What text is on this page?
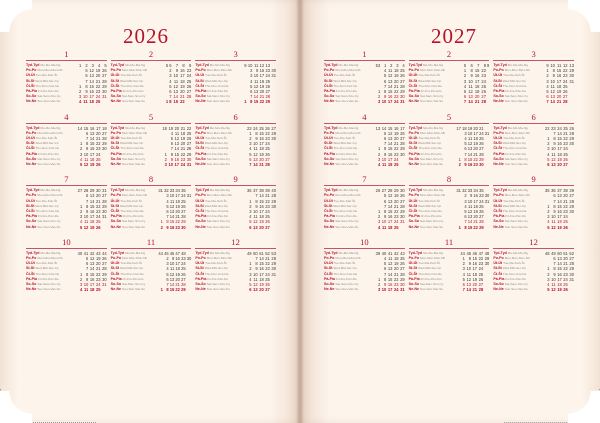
2026
1
Tyd-Tyd Mo-Mo-Ma-Ng	1	2	3	4	5
Po-Po Mon-Mon-Mon-Nb		5	12	19	26
Út-Út Tue-Die-Keh-Št		6	13	20	27
St-St Wed-Mitt-Ser-Cp		7	14	21	28
Čt-Št Thu-Don-Csü-Ne	1	8	15	22	29
Pá-Pia Fri-Fre-Pén-Do	2	9	16	23	30
So-So Sat-Sam-Szo-Cy	3	10	17	24	31
Ne-Ne Sun-Son-Vas-Su	4	11	18	25	
2
Tyd-Tyd Mo-Mo-Ma-Ng	5	6	7	8	9
Po-Po Mon-Mon-Mon-Nb		2	9	16	23
Út-Út Tue-Die-Keh-Št		3	10	17	24
St-St Wed-Mitt-Ser-Cp		4	11	18	25
Čt-Št Thu-Don-Csü-Ne		5	12	19	26
Pá-Pia Fri-Fre-Pén-Do		6	13	20	27
So-So Sat-Sam-Szo-Cy		7	14	21	28
Ne-Ne Sun-Son-Vas-Su	1	8	15	22	
3
Tyd-Tyd Mo-Mo-Ma-Ng	9	10	11	12	13	
Po-Po Mon-Mon-Mon-Nb		2	9	16	23	30
Út-Út Tue-Die-Keh-Št		3	10	17	24	31
St-St Wed-Mitt-Ser-Cp		4	11	18	25	
Čt-Št Thu-Don-Csü-Ne		5	12	19	26	
Pá-Pia Fri-Fre-Pén-Do		6	13	20	27	
So-So Sat-Sam-Szo-Cy		7	14	21	28	
Ne-Ne Sun-Son-Vas-Su	1	8	15	22	29	
4
Tyd-Tyd Mo-Mo-Ma-Ng	14	15	16	17	18
Po-Po Mon-Mon-Mon-Nb		6	13	20	27
Út-Út Tue-Die-Keh-Št		7	14	21	28
St-St Wed-Mitt-Ser-Cp	1	8	15	22	29
Čt-Št Thu-Don-Csü-Ne	2	9	16	23	30
Pá-Pia Fri-Fre-Pén-Do	3	10	17	24	
So-So Sat-Sam-Szo-Cy	4	11	18	25	
Ne-Ne Sun-Son-Vas-Su	5	12	19	26	
5
Tyd-Tyd Mo-Mo-Ma-Ng	18	19	20	21	22
Po-Po Mon-Mon-Mon-Nb		4	11	18	25
Út-Út Tue-Die-Keh-Št		5	12	19	26
St-St Wed-Mitt-Ser-Cp		6	13	20	27
Čt-Št Thu-Don-Csü-Ne		7	14	21	28
Pá-Pia Fri-Fre-Pén-Do	1	8	15	22	29
So-So Sat-Sam-Szo-Cy	2	9	16	23	30
Ne-Ne Sun-Son-Vas-Su	3	10	17	24	31
6
Tyd-Tyd Mo-Mo-Ma-Ng	23	24	25	26	27
Po-Po Mon-Mon-Mon-Nb	1	8	15	22	29
Út-Út Tue-Die-Keh-Št	2	9	16	23	30
St-St Wed-Mitt-Ser-Cp	3	10	17	24	
Čt-Št Thu-Don-Csü-Ne	4	11	18	25	
Pá-Pia Fri-Fre-Pén-Do	5	12	19	26	
So-So Sat-Sam-Szo-Cy	6	13	20	27	
Ne-Ne Sun-Son-Vas-Su	7	14	21	28	
7
Tyd-Tyd Mo-Mo-Ma-Ng	27	28	29	30	31
Po-Po Mon-Mon-Mon-Nb		6	13	20	27
Út-Út Tue-Die-Keh-Št		7	14	21	28
St-St Wed-Mitt-Ser-Cp	1	8	15	22	29
Čt-Št Thu-Don-Csü-Ne	2	9	16	23	30
Pá-Pia Fri-Fre-Pén-Do	3	10	17	24	31
So-So Sat-Sam-Szo-Cy	4	11	18	25	
Ne-Ne Sun-Son-Vas-Su	5	12	19	26	
8
Tyd-Tyd Mo-Mo-Ma-Ng	31	32	33	34	35	
Po-Po Mon-Mon-Mon-Nb		3	10	17	24	31
Út-Út Tue-Die-Keh-Št		4	11	18	25	
St-St Wed-Mitt-Ser-Cp		5	12	19	26	
Čt-Št Thu-Don-Csü-Ne		6	13	20	27	
Pá-Pia Fri-Fre-Pén-Do		7	14	21	28	
So-So Sat-Sam-Szo-Cy	1	8	15	22	29	
Ne-Ne Sun-Son-Vas-Su	2	9	16	23	30	
9
Tyd-Tyd Mo-Mo-Ma-Ng	36	37	38	39	40
Po-Po Mon-Mon-Mon-Nb		7	14	21	28
Út-Út Tue-Die-Keh-Št	1	8	15	22	29
St-St Wed-Mitt-Ser-Cp	2	9	16	23	30
Čt-Št Thu-Don-Csü-Ne	3	10	17	24	
Pá-Pia Fri-Fre-Pén-Do	4	11	18	25	
So-So Sat-Sam-Szo-Cy	5	12	19	26	
Ne-Ne Sun-Son-Vas-Su	6	13	20	27	
10
Tyd-Tyd Mo-Mo-Ma-Ng	40	41	42	43	44
Po-Po Mon-Mon-Mon-Nb		5	12	19	26
Út-Út Tue-Die-Keh-Št		6	13	20	27
St-St Wed-Mitt-Ser-Cp		7	14	21	28
Čt-Št Thu-Don-Csü-Ne	1	8	15	22	29
Pá-Pia Fri-Fre-Pén-Do	2	9	16	23	30
So-So Sat-Sam-Szo-Cy	3	10	17	24	31
Ne-Ne Sun-Son-Vas-Su	4	11	18	25	
11
Tyd-Tyd Mo-Mo-Ma-Ng	44	45	46	47	48	
Po-Po Mon-Mon-Mon-Nb		2	9	16	23	30
Út-Út Tue-Die-Keh-Št		3	10	17	24	
St-St Wed-Mitt-Ser-Cp		4	11	18	25	
Čt-Št Thu-Don-Csü-Ne		5	12	19	26	
Pá-Pia Fri-Fre-Pén-Do		6	13	20	27	
So-So Sat-Sam-Szo-Cy		7	14	21	28	
Ne-Ne Sun-Son-Vas-Su	1	8	15	22	29	
12
Tyd-Tyd Mo-Mo-Ma-Ng	49	50	51	52	53
Po-Po Mon-Mon-Mon-Nb		7	14	21	28
Út-Út Tue-Die-Keh-Št	1	8	15	22	29
St-St Wed-Mitt-Ser-Cp	2	9	16	23	30
Čt-Št Thu-Don-Csü-Ne	3	10	17	24	31
Pá-Pia Fri-Fre-Pén-Do	4	11	18	25	
So-So Sat-Sam-Szo-Cy	5	12	19	26	
Ne-Ne Sun-Son-Vas-Su	6	13	20	27	
2027
1
Tyd-Tyd Mo-Mo-Ma-Ng	53	1	2	3	4
Po-Po Mon-Mon-Mon-Nb		4	11	18	25
Út-Út Tue-Die-Keh-Št		5	12	19	26
St-St Wed-Mitt-Ser-Cp		6	13	20	27
Čt-Št Thu-Don-Csü-Ne		7	14	21	28
Pá-Pia Fri-Fre-Pén-Do	1	8	15	22	29
So-So Sat-Sam-Szo-Cy	2	9	16	23	30
Ne-Ne Sun-Son-Vas-Su	3	10	17	24	31
2
Tyd-Tyd Mo-Mo-Ma-Ng	5	6	7	8	9
Po-Po Mon-Mon-Mon-Nb	1	8	15	22	
Út-Út Tue-Die-Keh-Št	2	9	16	23	
St-St Wed-Mitt-Ser-Cp	3	10	17	24	
Čt-Št Thu-Don-Csü-Ne	4	11	18	25	
Pá-Pia Fri-Fre-Pén-Do	5	12	19	26	
So-So Sat-Sam-Szo-Cy	6	13	20	27	
Ne-Ne Sun-Son-Vas-Su	7	14	21	28	
3
Tyd-Tyd Mo-Mo-Ma-Ng	9	10	11	12	13
Po-Po Mon-Mon-Mon-Nb	1	8	15	22	29
Út-Út Tue-Die-Keh-Št	2	9	16	23	30
St-St Wed-Mitt-Ser-Cp	3	10	17	24	31
Čt-Št Thu-Don-Csü-Ne	4	11	18	25	
Pá-Pia Fri-Fre-Pén-Do	5	12	19	26	
So-So Sat-Sam-Szo-Cy	6	13	20	27	
Ne-Ne Sun-Son-Vas-Su	7	14	21	28	
4
Tyd-Tyd Mo-Mo-Ma-Ng	13	14	15	16	17
Po-Po Mon-Mon-Mon-Nb		5	12	19	26
Út-Út Tue-Die-Keh-Št		6	13	20	27
St-St Wed-Mitt-Ser-Cp		7	14	21	28
Čt-Št Thu-Don-Csü-Ne	1	8	15	22	29
Pá-Pia Fri-Fre-Pén-Do	2	9	16	23	30
So-So Sat-Sam-Szo-Cy	3	10	17	24	
Ne-Ne Sun-Son-Vas-Su	4	11	18	25	
5
Tyd-Tyd Mo-Mo-Ma-Ng	17	18	19	20	21	
Po-Po Mon-Mon-Mon-Nb		3	10	17	24	31
Út-Út Tue-Die-Keh-Št		4	11	18	25	
St-St Wed-Mitt-Ser-Cp		5	12	19	26	
Čt-Št Thu-Don-Csü-Ne		6	13	20	27	
Pá-Pia Fri-Fre-Pén-Do		7	14	21	28	
So-So Sat-Sam-Szo-Cy	1	8	15	22	29	
Ne-Ne Sun-Son-Vas-Su	2	9	16	23	30	
6
Tyd-Tyd Mo-Mo-Ma-Ng	22	23	24	25	26
Po-Po Mon-Mon-Mon-Nb		7	14	21	28
Út-Út Tue-Die-Keh-Št	1	8	15	22	29
St-St Wed-Mitt-Ser-Cp	2	9	16	23	30
Čt-Št Thu-Don-Csü-Ne	3	10	17	24	
Pá-Pia Fri-Fre-Pén-Do	4	11	18	25	
So-So Sat-Sam-Szo-Cy	5	12	19	26	
Ne-Ne Sun-Son-Vas-Su	6	13	20	27	
7
Tyd-Tyd Mo-Mo-Ma-Ng	26	27	28	29	30
Po-Po Mon-Mon-Mon-Nb		5	12	19	26
Út-Út Tue-Die-Keh-Št		6	13	20	27
St-St Wed-Mitt-Ser-Cp		7	14	21	28
Čt-Št Thu-Don-Csü-Ne	1	8	15	22	29
Pá-Pia Fri-Fre-Pén-Do	2	9	16	23	30
So-So Sat-Sam-Szo-Cy	3	10	17	24	31
Ne-Ne Sun-Son-Vas-Su	4	11	18	25	
8
Tyd-Tyd Mo-Mo-Ma-Ng	31	32	33	34	35	
Po-Po Mon-Mon-Mon-Nb		2	9	16	23	30
Út-Út Tue-Die-Keh-Št		3	10	17	24	31
St-St Wed-Mitt-Ser-Cp		4	11	18	25	
Čt-Št Thu-Don-Csü-Ne		5	12	19	26	
Pá-Pia Fri-Fre-Pén-Do		6	13	20	27	
So-So Sat-Sam-Szo-Cy		7	14	21	28	
Ne-Ne Sun-Son-Vas-Su	1	8	15	22	29	
9
Tyd-Tyd Mo-Mo-Ma-Ng	35	36	37	38	39
Po-Po Mon-Mon-Mon-Nb		6	13	20	27
Út-Út Tue-Die-Keh-Št		7	14	21	28
St-St Wed-Mitt-Ser-Cp	1	8	15	22	29
Čt-Št Thu-Don-Csü-Ne	2	9	16	23	30
Pá-Pia Fri-Fre-Pén-Do	3	10	17	24	
So-So Sat-Sam-Szo-Cy	4	11	18	25	
Ne-Ne Sun-Son-Vas-Su	5	12	19	26	
10
Tyd-Tyd Mo-Mo-Ma-Ng	39	40	41	42	43
Po-Po Mon-Mon-Mon-Nb		4	11	18	25
Út-Út Tue-Die-Keh-Št		5	12	19	26
St-St Wed-Mitt-Ser-Cp		6	13	20	27
Čt-Št Thu-Don-Csü-Ne		7	14	21	28
Pá-Pia Fri-Fre-Pén-Do	1	8	15	22	29
So-So Sat-Sam-Szo-Cy	2	9	16	23	30
Ne-Ne Sun-Son-Vas-Su	3	10	17	24	31
11
Tyd-Tyd Mo-Mo-Ma-Ng	44	45	46	47	48
Po-Po Mon-Mon-Mon-Nb	1	8	15	22	29
Út-Út Tue-Die-Keh-Št	2	9	16	23	30
St-St Wed-Mitt-Ser-Cp	3	10	17	24	
Čt-Št Thu-Don-Csü-Ne	4	11	18	25	
Pá-Pia Fri-Fre-Pén-Do	5	12	19	26	
So-So Sat-Sam-Szo-Cy	6	13	20	27	
Ne-Ne Sun-Son-Vas-Su	7	14	21	28	
12
Tyd-Tyd Mo-Mo-Ma-Ng	48	49	50	51	52
Po-Po Mon-Mon-Mon-Nb		6	13	20	27
Út-Út Tue-Die-Keh-Št		7	14	21	28
St-St Wed-Mitt-Ser-Cp	1	8	15	22	29
Čt-Št Thu-Don-Csü-Ne	2	9	16	23	30
Pá-Pia Fri-Fre-Pén-Do	3	10	17	24	31
So-So Sat-Sam-Szo-Cy	4	11	18	25	
Ne-Ne Sun-Son-Vas-Su	5	12	19	26	
